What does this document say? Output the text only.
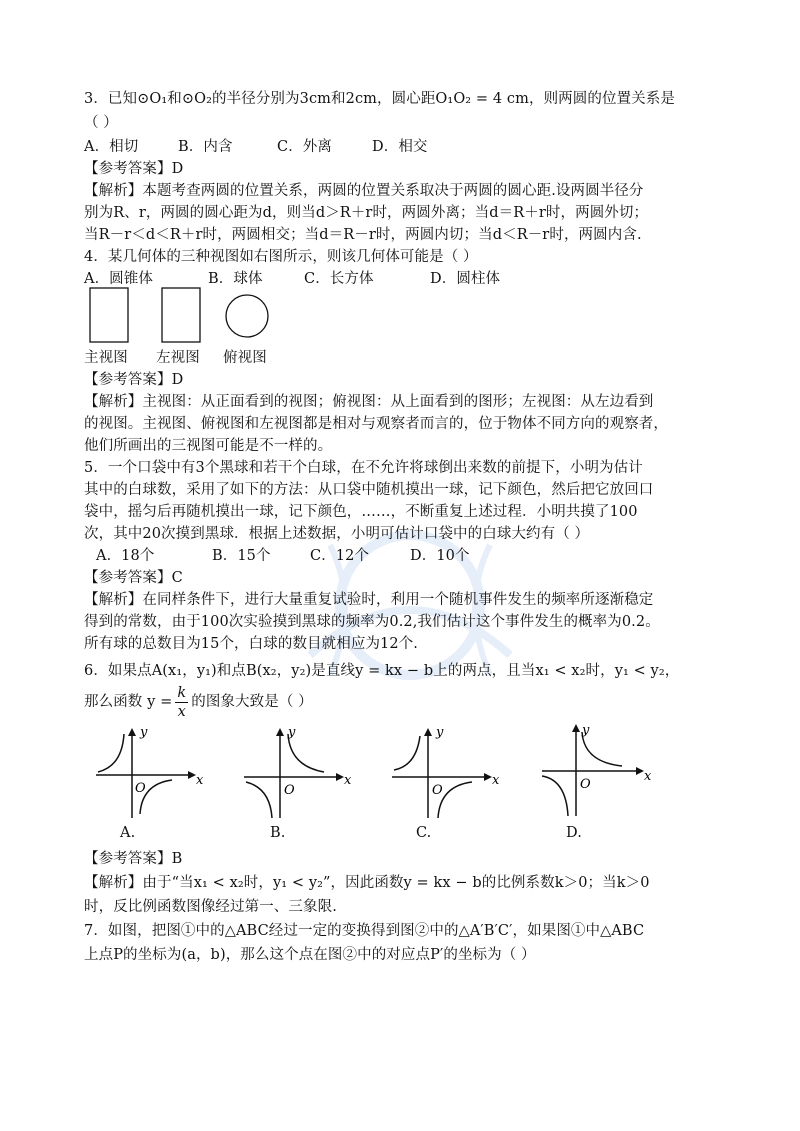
3．已知⊙O₁和⊙O₂的半径分别为3cm和2cm，圆心距O₁O₂ = 4 cm，则两圆的位置关系是
（ ）
A．相切	B．内含	C．外离	D．相交
【参考答案】D
【解析】本题考查两圆的位置关系，两圆的位置关系取决于两圆的圆心距.设两圆半径分
别为R、r，两圆的圆心距为d，则当d＞R＋r时，两圆外离；当d＝R＋r时，两圆外切；
当R－r＜d＜R＋r时，两圆相交；当d＝R－r时，两圆内切；当d＜R－r时，两圆内含.
4．某几何体的三种视图如右图所示，则该几何体可能是（ ）
A．圆锥体	B．球体	C．长方体	D．圆柱体
主视图 左视图 俯视图
【参考答案】D
【解析】主视图：从正面看到的视图；俯视图：从上面看到的图形；左视图：从左边看到
的视图。主视图、俯视图和左视图都是相对与观察者而言的，位于物体不同方向的观察者，
他们所画出的三视图可能是不一样的。
5．一个口袋中有3个黑球和若干个白球，在不允许将球倒出来数的前提下，小明为估计
其中的白球数，采用了如下的方法：从口袋中随机摸出一球，记下颜色，然后把它放回口
袋中，摇匀后再随机摸出一球，记下颜色，……，不断重复上述过程．小明共摸了100
次，其中20次摸到黑球．根据上述数据，小明可估计口袋中的白球大约有（ ）
A．18个	B．15个	C．12个	D．10个
【参考答案】C
【解析】在同样条件下，进行大量重复试验时，利用一个随机事件发生的频率所逐渐稳定
得到的常数，由于100次实验摸到黑球的频率为0.2,我们估计这个事件发生的概率为0.2。
所有球的总数目为15个，白球的数目就相应为12个.
6．如果点A(x₁，y₁)和点B(x₂，y₂)是直线y = kx − b上的两点，且当x₁ < x₂时，y₁ < y₂，
那么函数 $y = \frac{k}{x}$ 的图象大致是（ ）
y
x
O
A.
y
x
O
B.
y
x
O
C.
y
x
O
D.
【参考答案】B
【解析】由于“当x₁ < x₂时，y₁ < y₂”，因此函数y = kx − b的比例系数k＞0；当k＞0
时，反比例函数图像经过第一、三象限.
7．如图，把图①中的△ABC经过一定的变换得到图②中的△A′B′C′，如果图①中△ABC
上点P的坐标为(a，b)，那么这个点在图②中的对应点P′的坐标为（ ）
